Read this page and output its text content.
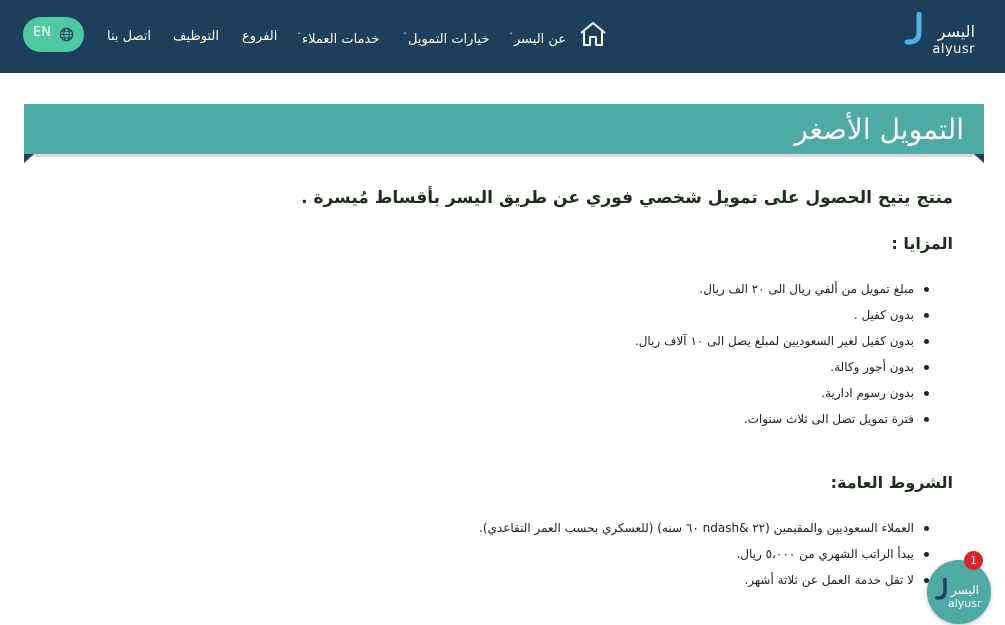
اليسر
alyusr
عن اليسر$^ˇ$
خيارات التمويل$^ˇ$
خدمات العملاء$^ˇ$
الفروع
التوظيف
اتصل بنا
EN
التمويل الأصغر

منتج يتيح الحصول على تمويل شخصي فوري عن طريق اليسر بأقساط مُيسرة .

المزايا :
مبلغ تمويل من ألفي ريال الى ٢٠ الف ريال.
بدون كفيل .
بدون كفيل لغير السعوديين لمبلغ يصل الى ١٠ آلاف ريال.
بدون أجور وكالة.
بدون رسوم ادارية.
فترة تمويل تصل الى ثلاث سنوات.
الشروط العامة:
العملاء السعوديين والمقيمين (٢٢ &ndash ٦٠ سنه) (للعسكري بحسب العمر التقاعدي).
يبدأ الراتب الشهري من ٥،٠٠٠ ريال.
لا تقل خدمة العمل عن ثلاثة أشهر.
اليسر
alyusr
1
